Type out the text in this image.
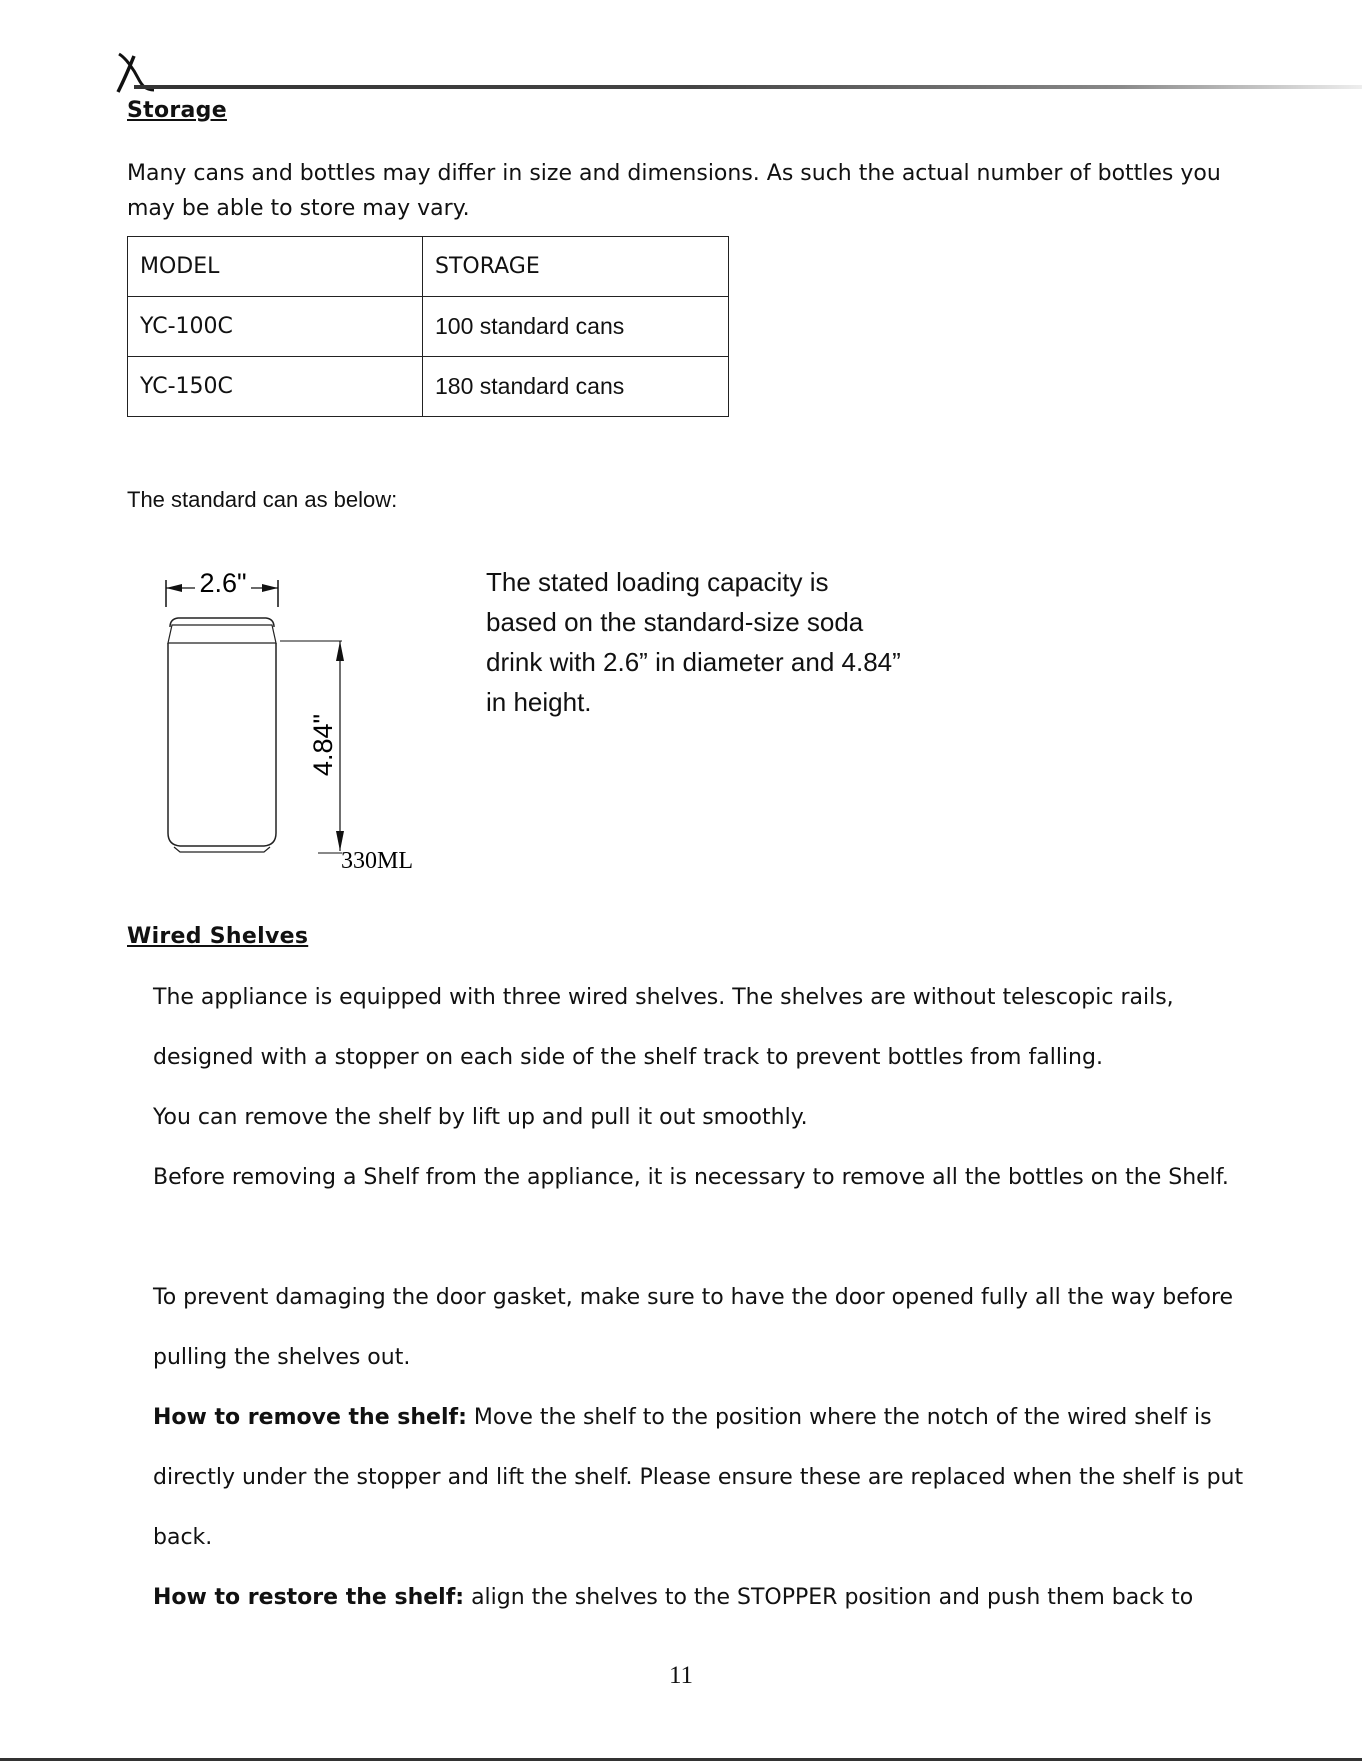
Storage
Many cans and bottles may differ in size and dimensions. As such the actual number of bottles you may be able to store may vary.
MODEL	STORAGE
YC-100C	100 standard cans
YC-150C	180 standard cans
The standard can as below:
2.6"
4.84"
330ML
The stated loading capacity is based on the standard-size soda drink with 2.6” in diameter and 4.84” in height.
Wired Shelves
The appliance is equipped with three wired shelves. The shelves are without telescopic rails, designed with a stopper on each side of the shelf track to prevent bottles from falling.
You can remove the shelf by lift up and pull it out smoothly.
Before removing a Shelf from the appliance, it is necessary to remove all the bottles on the Shelf.
To prevent damaging the door gasket, make sure to have the door opened fully all the way before pulling the shelves out.
How to remove the shelf: Move the shelf to the position where the notch of the wired shelf is directly under the stopper and lift the shelf. Please ensure these are replaced when the shelf is put back.
How to restore the shelf: align the shelves to the STOPPER position and push them back to
11
